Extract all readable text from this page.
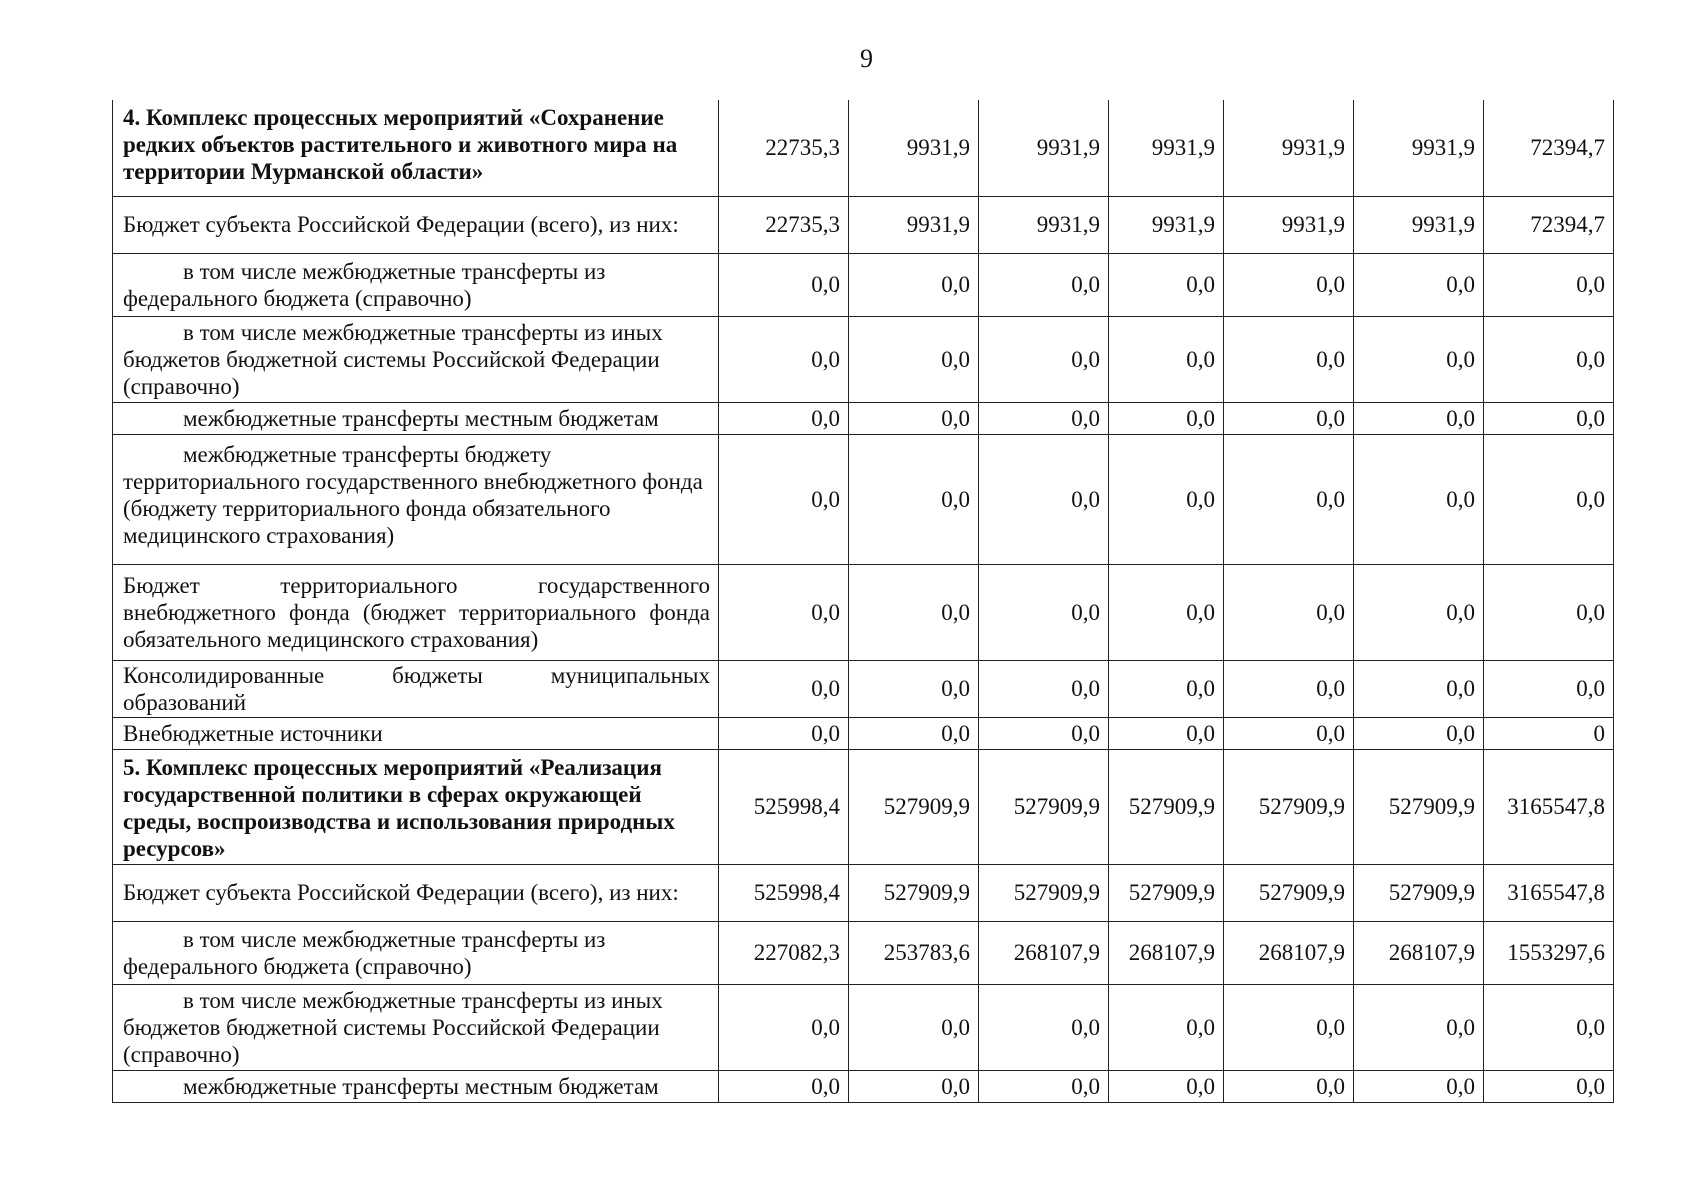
9
4. Комплекс процессных мероприятий «Сохранение редких объектов растительного и животного мира на территории Мурманской области»	22735,3	9931,9	9931,9	9931,9	9931,9	9931,9	72394,7
Бюджет субъекта Российской Федерации (всего), из них:	22735,3	9931,9	9931,9	9931,9	9931,9	9931,9	72394,7
в том числе межбюджетные трансферты из федерального бюджета (справочно)	0,0	0,0	0,0	0,0	0,0	0,0	0,0
в том числе межбюджетные трансферты из иных бюджетов бюджетной системы Российской Федерации (справочно)	0,0	0,0	0,0	0,0	0,0	0,0	0,0
межбюджетные трансферты местным бюджетам	0,0	0,0	0,0	0,0	0,0	0,0	0,0
межбюджетные трансферты бюджету территориального государственного внебюджетного фонда (бюджету территориального фонда обязательного медицинского страхования)	0,0	0,0	0,0	0,0	0,0	0,0	0,0
Бюджет территориального государственного внебюджетного фонда (бюджет территориального фонда обязательного медицинского страхования)	0,0	0,0	0,0	0,0	0,0	0,0	0,0
Консолидированные бюджеты муниципальных образований	0,0	0,0	0,0	0,0	0,0	0,0	0,0
Внебюджетные источники	0,0	0,0	0,0	0,0	0,0	0,0	0
5. Комплекс процессных мероприятий «Реализация государственной политики в сферах окружающей среды, воспроизводства и использования природных ресурсов»	525998,4	527909,9	527909,9	527909,9	527909,9	527909,9	3165547,8
Бюджет субъекта Российской Федерации (всего), из них:	525998,4	527909,9	527909,9	527909,9	527909,9	527909,9	3165547,8
в том числе межбюджетные трансферты из федерального бюджета (справочно)	227082,3	253783,6	268107,9	268107,9	268107,9	268107,9	1553297,6
в том числе межбюджетные трансферты из иных бюджетов бюджетной системы Российской Федерации (справочно)	0,0	0,0	0,0	0,0	0,0	0,0	0,0
межбюджетные трансферты местным бюджетам	0,0	0,0	0,0	0,0	0,0	0,0	0,0
